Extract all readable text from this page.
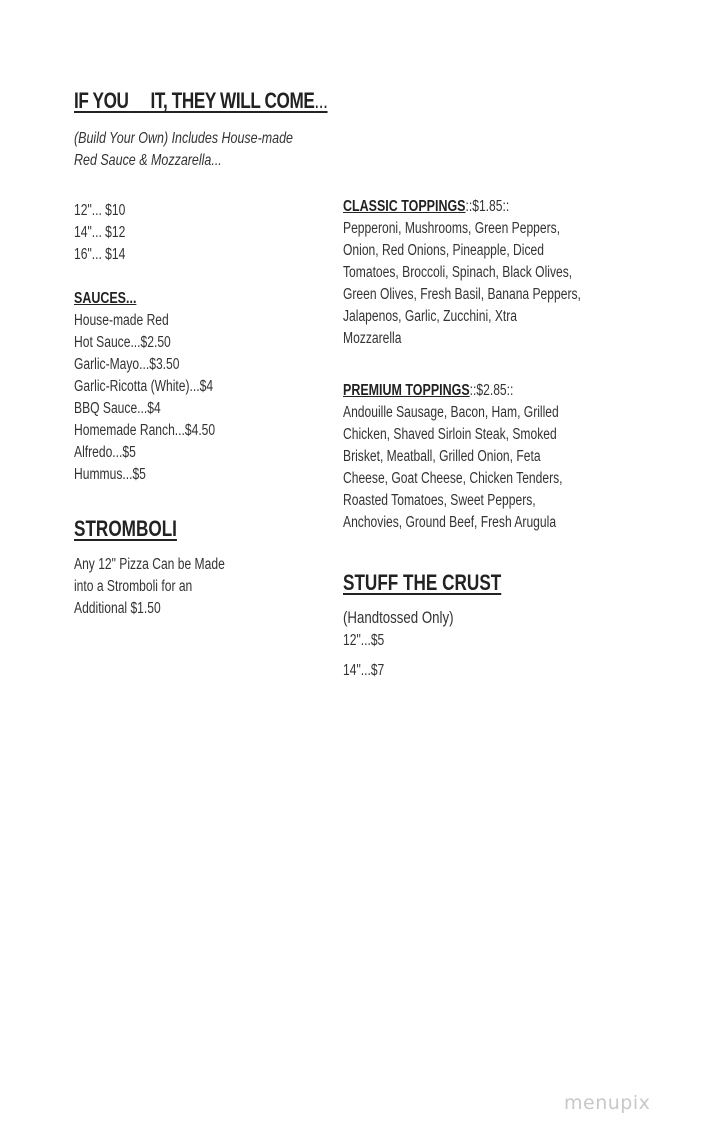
IF YOU IT, THEY WILL COME...
(Build Your Own) Includes House-made
Red Sauce & Mozzarella...
12"... $10
14"... $12
16"... $14
SAUCES...
House-made Red
Hot Sauce...$2.50
Garlic-Mayo...$3.50
Garlic-Ricotta (White)...$4
BBQ Sauce...$4
Homemade Ranch...$4.50
Alfredo...$5
Hummus...$5
STROMBOLI
Any 12" Pizza Can be Made
into a Stromboli for an
Additional $1.50
CLASSIC TOPPINGS::$1.85::
Pepperoni, Mushrooms, Green Peppers,
Onion, Red Onions, Pineapple, Diced
Tomatoes, Broccoli, Spinach, Black Olives,
Green Olives, Fresh Basil, Banana Peppers,
Jalapenos, Garlic, Zucchini, Xtra
Mozzarella
PREMIUM TOPPINGS::$2.85::
Andouille Sausage, Bacon, Ham, Grilled
Chicken, Shaved Sirloin Steak, Smoked
Brisket, Meatball, Grilled Onion, Feta
Cheese, Goat Cheese, Chicken Tenders,
Roasted Tomatoes, Sweet Peppers,
Anchovies, Ground Beef, Fresh Arugula
STUFF THE CRUST
(Handtossed Only)
12"...$5
14"...$7
menupix
